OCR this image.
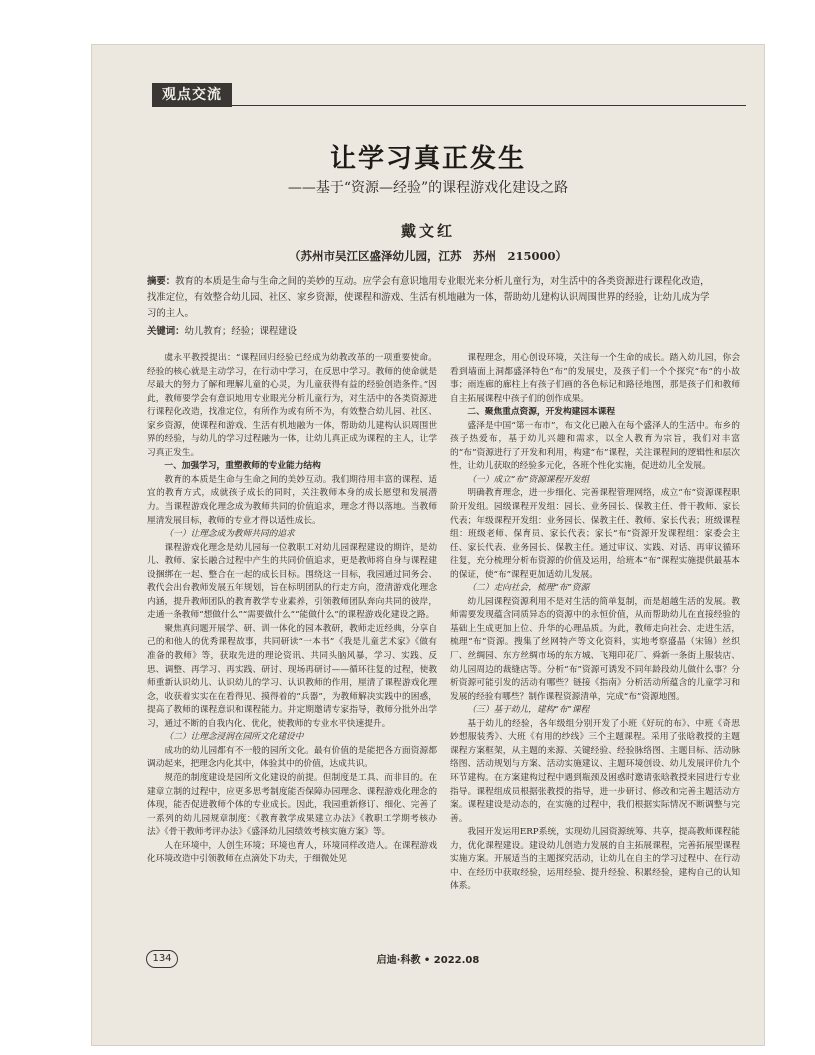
观点交流
让学习真正发生
——基于“资源—经验”的课程游戏化建设之路
戴文红
（苏州市吴江区盛泽幼儿园，江苏　苏州　215000）
摘要：教育的本质是生命与生命之间的美妙的互动。应学会有意识地用专业眼光来分析儿童行为，对生活中的各类资源进行课程化改造，找准定位，有效整合幼儿园、社区、家乡资源，使课程和游戏、生活有机地融为一体，帮助幼儿建构认识周围世界的经验，让幼儿成为学习的主人。
关键词：幼儿教育；经验；课程建设

虞永平教授提出：“课程回归经验已经成为幼教改革的一项重要使命。经验的核心就是主动学习，在行动中学习，在反思中学习。教师的使命就是尽最大的努力了解和理解儿童的心灵，为儿童获得有益的经验创造条件。”因此，教师要学会有意识地用专业眼光分析儿童行为，对生活中的各类资源进行课程化改造，找准定位，有所作为或有所不为，有效整合幼儿园、社区、家乡资源，使课程和游戏、生活有机地融为一体，帮助幼儿建构认识周围世界的经验，与幼儿的学习过程融为一体，让幼儿真正成为课程的主人，让学习真正发生。

一、加强学习，重塑教师的专业能力结构

教育的本质是生命与生命之间的美妙互动。我们期待用丰富的课程、适宜的教育方式，成就孩子成长的同时，关注教师本身的成长愿望和发展潜力。当课程游戏化理念成为教师共同的价值追求，理念才得以落地。当教师厘清发展目标，教师的专业才得以适性成长。

（一）让理念成为教师共同的追求

课程游戏化理念是幼儿园每一位教职工对幼儿园课程建设的期许，是幼儿、教师、家长融合过程中产生的共同价值追求，更是教师将自身与课程建设捆绑在一起、整合在一起的成长目标。围绕这一目标，我园通过同务会、教代会出台教师发展五年规划，旨在标明团队的行走方向，澄清游戏化理念内涵，提升教师团队的教育教学专业素养，引领教师团队奔向共同的彼岸，走通一条教师“想做什么”“需要做什么”“能做什么”的课程游戏化建设之路。

聚焦真问题开展学、研、训一体化的园本教研，教师走近经典，分享自己的和他人的优秀课程故事，共同研读“一本书”《我是儿童艺术家》《做有准备的教师》等，获取先进的理论资讯、共同头脑风暴，学习、实践、反思、调整、再学习、再实践、研讨、现场再研讨——循环往复的过程，使教师重新认识幼儿、认识幼儿的学习、认识教师的作用，厘清了课程游戏化理念，收获着实实在在看得见、摸得着的“兵器”，为教师解决实践中的困惑，提高了教师的课程意识和课程能力。并定期邀请专家指导，教师分批外出学习，通过不断的自我内化、优化，使教师的专业水平快速提升。

（二）让理念浸润在园所文化建设中

成功的幼儿园都有不一般的园所文化。最有价值的是能把各方面资源都调动起来，把理念内化其中，体验其中的价值，达成共识。

规范的制度建设是园所文化建设的前提。但制度是工具、而非目的。在建章立制的过程中，应更多思考制度能否保障办园理念、课程游戏化理念的体现，能否促进教师个体的专业成长。因此，我园重新修订、细化、完善了一系列的幼儿园规章制度：《教育教学成果建立办法》《教职工学期考核办法》《骨干教师考评办法》《盛泽幼儿园绩效考核实施方案》等。

人在环境中，人创生环境；环境也育人，环境同样改造人。在课程游戏化环境改造中引领教师在点滴处下功夫，于细微处见

课程理念，用心创设环境，关注每一个生命的成长。踏入幼儿园，你会看到墙面上洞都盛泽特色“布”的发展史，及孩子们一个个探究“布”的小故事；雨连廊的廊柱上有孩子们画的各色标记和路径地图，那是孩子们和教师自主拓展课程中孩子们的创作成果。

二、聚焦重点资源，开发构建园本课程

盛泽是中国“第一布市”，布文化已融入在每个盛泽人的生活中。布乡的孩子热爱布，基于幼儿兴趣和需求，以全人教育为宗旨，我们对丰富的“布”资源进行了开发和利用，构建“布”课程，关注课程间的逻辑性和层次性，让幼儿获取的经验多元化，各班个性化实施，促进幼儿全发展。

（一）成立“布”资源课程开发组

明确教育理念，进一步细化、完善课程管理网络，成立“布”资源课程职阶开发组。园级课程开发组：园长、业务园长、保教主任、骨干教师、家长代表；年级课程开发组：业务园长、保教主任、教师、家长代表；班级课程组：班级老师、保育员、家长代表；家长“布”资源开发课程组：家委会主任、家长代表、业务园长、保教主任。通过审议、实践、对话、再审议循环往复，充分梳理分析布资源的价值及运用，给班本“布”课程实施提供最基本的保证，使“布”课程更加适幼儿发展。

（二）走向社会，梳理“布”资源

幼儿园课程资源利用不是对生活的简单复制，而是超越生活的发展。教师需要发现蕴含同质异态的资源中的永恒价值，从而帮助幼儿在直接经验的基础上生成更加上位、升华的心理品质。为此，教师走向社会、走进生活，梳理“布”资源。搜集了丝网特产等文化资料，实地考察盛晶（宋锦）丝织厂、丝绸园、东方丝绸市场的东方城、飞翔印花厂、舜新一条街上服装店、幼儿园周边的裁缝店等。分析“布”资源可诱发不同年龄段幼儿做什么事？分析资源可能引发的活动有哪些？链接《指南》分析活动所蕴含的儿童学习和发展的经验有哪些？制作课程资源清单，完成“布”资源地图。

（三）基于幼儿，建构“布”课程

基于幼儿的经验，各年级组分别开发了小班《好玩的布》、中班《奇思妙想服装秀》、大班《有用的纱线》三个主题课程。采用了张晗教授的主题课程方案框架，从主题的来源、关键经验、经验脉络图、主题目标、活动脉络图、活动规划与方案、活动实施建议、主题环境创设、幼儿发展评价九个环节建构。在方案建构过程中遇到瓶颈及困惑时邀请张晗教授来园进行专业指导。课程组成员根据张教授的指导，进一步研讨、修改和完善主题活动方案。课程建设是动态的，在实施的过程中，我们根据实际情况不断调整与完善。

我园开发运用ERP系统，实现幼儿园资源统筹、共享，提高教师课程能力，优化课程建设。建设幼儿创造力发展的自主拓展课程，完善拓展型课程实施方案。开展适当的主题探究活动，让幼儿在自主的学习过程中、在行动中、在经历中获取经验，运用经验、提升经验、积累经验，建构自己的认知体系。

134	启迪·科教 • 2022.08
